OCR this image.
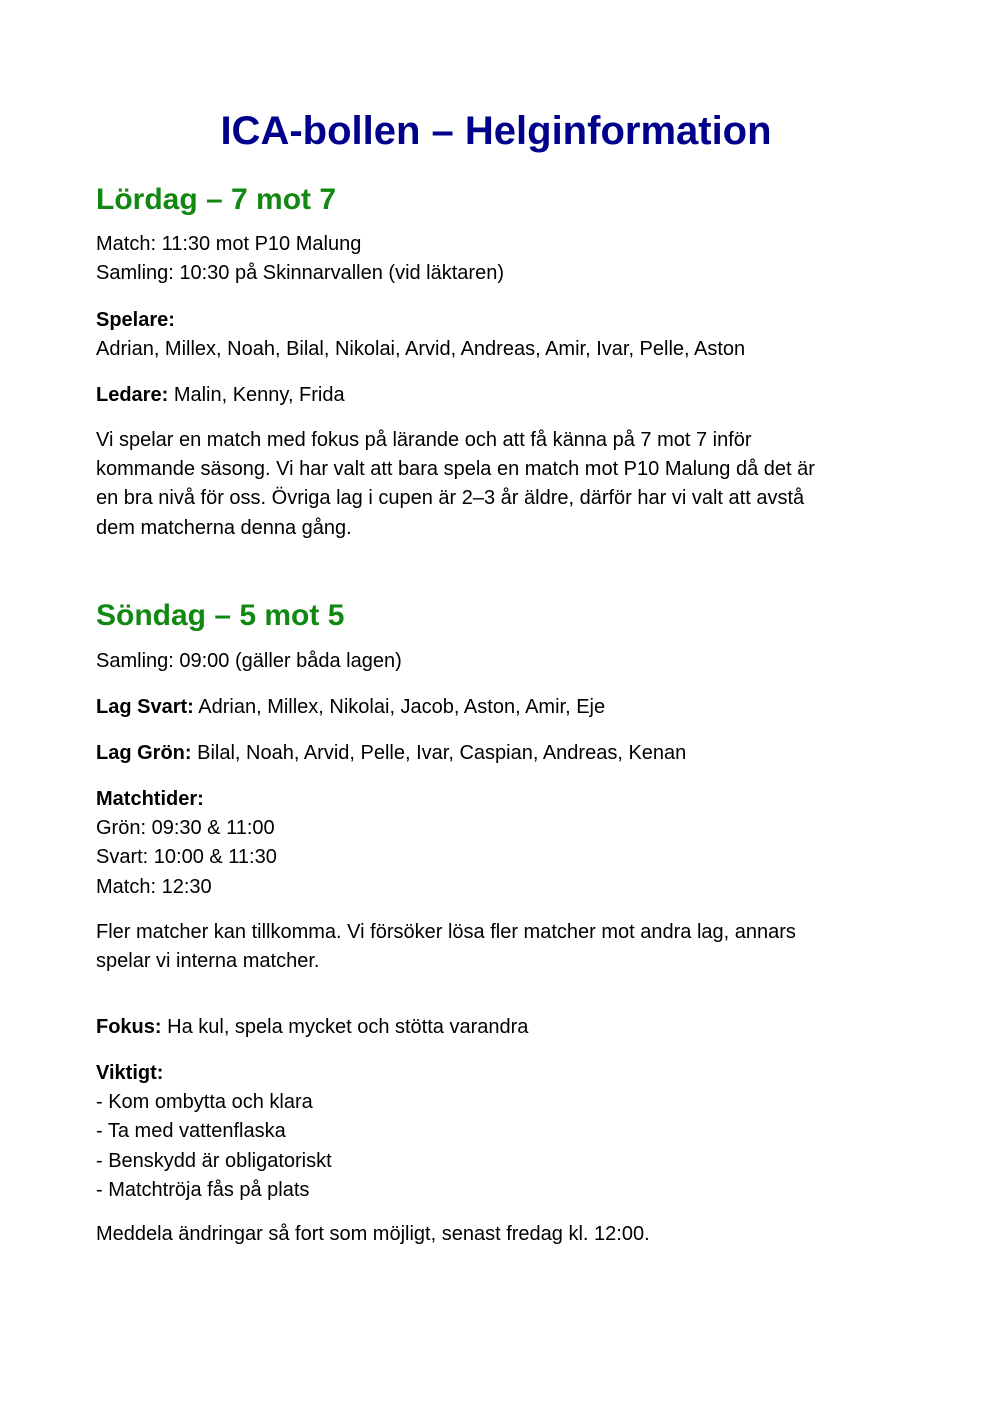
ICA-bollen – Helginformation
Lördag – 7 mot 7
Match: 11:30 mot P10 Malung
Samling: 10:30 på Skinnarvallen (vid läktaren)
Spelare:
Adrian, Millex, Noah, Bilal, Nikolai, Arvid, Andreas, Amir, Ivar, Pelle, Aston
Ledare: Malin, Kenny, Frida
Vi spelar en match med fokus på lärande och att få känna på 7 mot 7 inför
kommande säsong. Vi har valt att bara spela en match mot P10 Malung då det är
en bra nivå för oss. Övriga lag i cupen är 2–3 år äldre, därför har vi valt att avstå
dem matcherna denna gång.
Söndag – 5 mot 5
Samling: 09:00 (gäller båda lagen)
Lag Svart: Adrian, Millex, Nikolai, Jacob, Aston, Amir, Eje
Lag Grön: Bilal, Noah, Arvid, Pelle, Ivar, Caspian, Andreas, Kenan
Matchtider:
Grön: 09:30 & 11:00
Svart: 10:00 & 11:30
Match: 12:30
Fler matcher kan tillkomma. Vi försöker lösa fler matcher mot andra lag, annars
spelar vi interna matcher.
Fokus: Ha kul, spela mycket och stötta varandra
Viktigt:
- Kom ombytta och klara
- Ta med vattenflaska
- Benskydd är obligatoriskt
- Matchtröja fås på plats
Meddela ändringar så fort som möjligt, senast fredag kl. 12:00.
